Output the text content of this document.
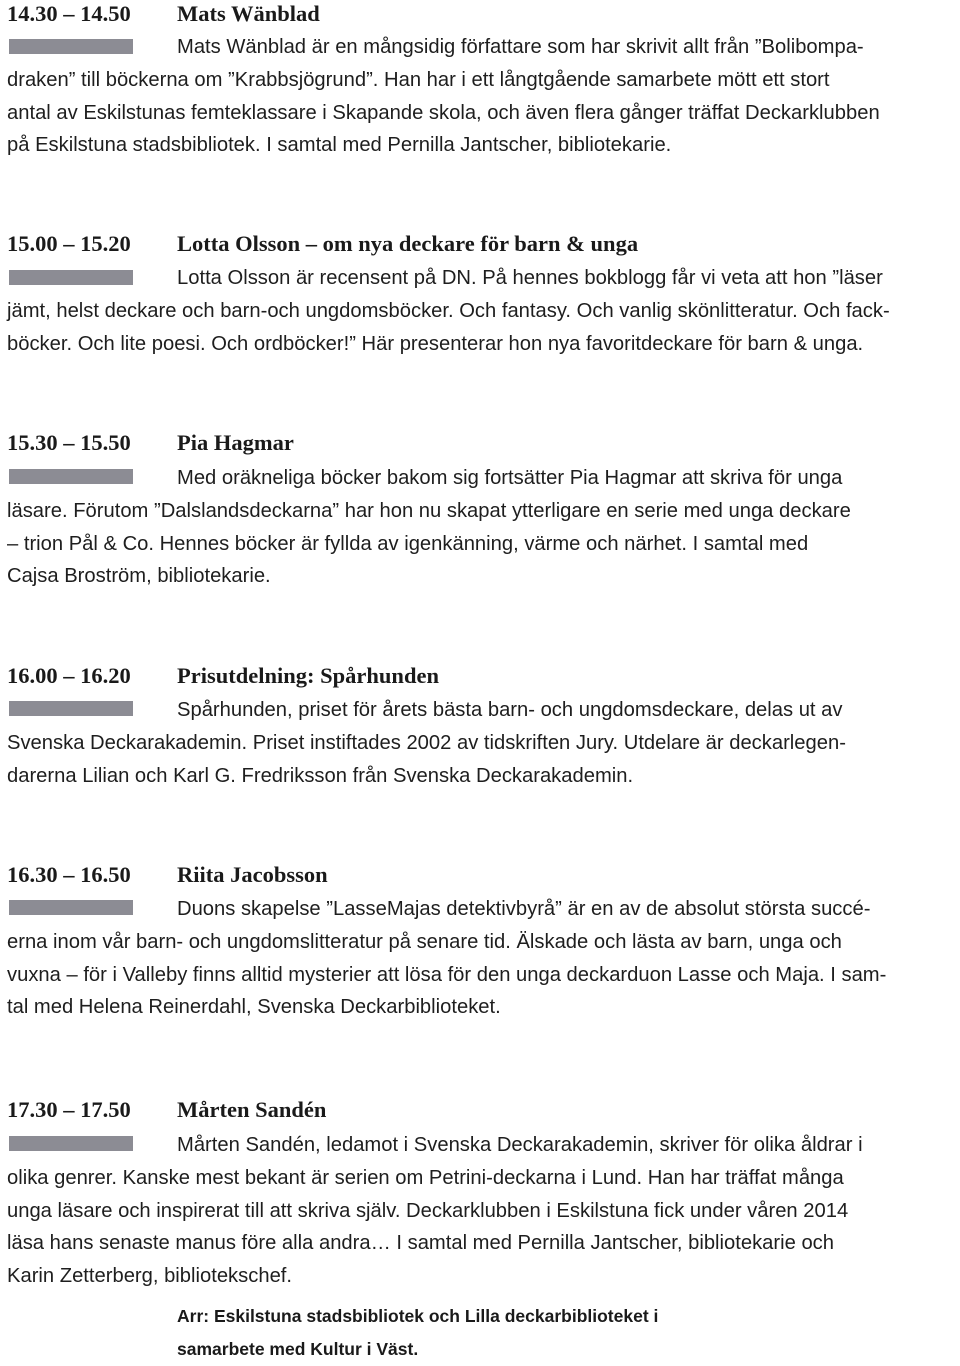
14.30 – 14.50 Mats Wänblad

Mats Wänblad är en mångsidig författare som har skrivit allt från ”Bolibompa-
draken” till böckerna om ”Krabbsjögrund”. Han har i ett långtgående samarbete mött ett stort
antal av Eskilstunas femteklassare i Skapande skola, och även flera gånger träffat Deckarklubben
på Eskilstuna stadsbibliotek. I samtal med Pernilla Jantscher, bibliotekarie.

15.00 – 15.20 Lotta Olsson – om nya deckare för barn & unga

Lotta Olsson är recensent på DN. På hennes bokblogg får vi veta att hon ”läser
jämt, helst deckare och barn-och ungdomsböcker. Och fantasy. Och vanlig skönlitteratur. Och fack-
böcker. Och lite poesi. Och ordböcker!” Här presenterar hon nya favoritdeckare för barn & unga.

15.30 – 15.50 Pia Hagmar

Med oräkneliga böcker bakom sig fortsätter Pia Hagmar att skriva för unga
läsare. Förutom ”Dalslandsdeckarna” har hon nu skapat ytterligare en serie med unga deckare
– trion Pål & Co. Hennes böcker är fyllda av igenkänning, värme och närhet. I samtal med
Cajsa Broström, bibliotekarie.

16.00 – 16.20 Prisutdelning: Spårhunden

Spårhunden, priset för årets bästa barn- och ungdomsdeckare, delas ut av
Svenska Deckarakademin. Priset instiftades 2002 av tidskriften Jury. Utdelare är deckarlegen-
darerna Lilian och Karl G. Fredriksson från Svenska Deckarakademin.

16.30 – 16.50 Riita Jacobsson

Duons skapelse ”LasseMajas detektivbyrå” är en av de absolut största succé-
erna inom vår barn- och ungdomslitteratur på senare tid. Älskade och lästa av barn, unga och
vuxna – för i Valleby finns alltid mysterier att lösa för den unga deckarduon Lasse och Maja. I sam-
tal med Helena Reinerdahl, Svenska Deckarbiblioteket.

17.30 – 17.50 Mårten Sandén

Mårten Sandén, ledamot i Svenska Deckarakademin, skriver för olika åldrar i
olika genrer. Kanske mest bekant är serien om Petrini-deckarna i Lund. Han har träffat många
unga läsare och inspirerat till att skriva själv. Deckarklubben i Eskilstuna fick under våren 2014
läsa hans senaste manus före alla andra… I samtal med Pernilla Jantscher, bibliotekarie och
Karin Zetterberg, bibliotekschef.

Arr: Eskilstuna stadsbibliotek och Lilla deckarbiblioteket i
samarbete med Kultur i Väst.
